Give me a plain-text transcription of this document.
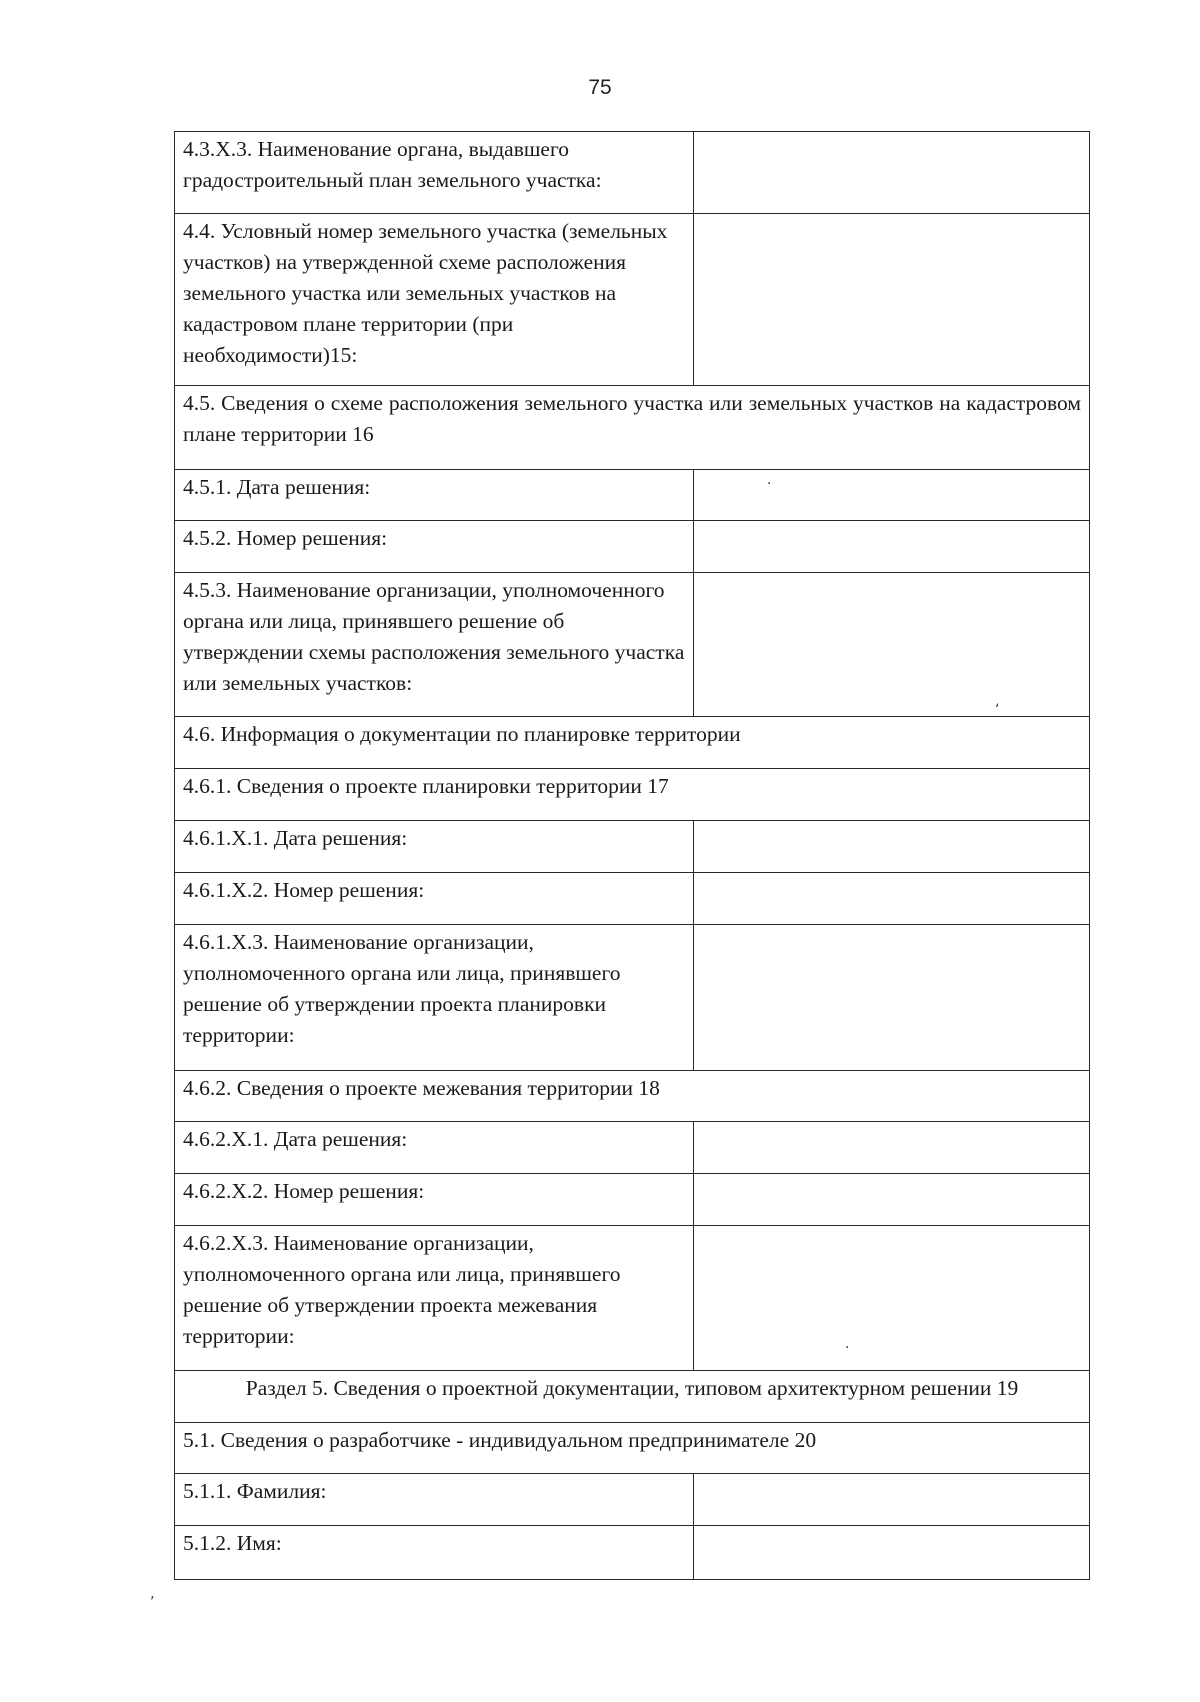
75
4.3.Х.3. Наименование органа, выдавшего градостроительный план земельного участка:	
4.4. Условный номер земельного участка (земельных участков) на утвержденной схеме расположения земельного участка или земельных участков на кадастровом плане территории (при необходимости)15:	
4.5. Сведения о схеме расположения земельного участка или земельных участков на кадастровом плане территории 16	
4.5.1. Дата решения:	
4.5.2. Номер решения:	
4.5.3. Наименование организации, уполномоченного органа или лица, принявшего решение об утверждении схемы расположения земельного участка или земельных участков:	
4.6. Информация о документации по планировке территории	
4.6.1. Сведения о проекте планировки территории 17	
4.6.1.Х.1. Дата решения:	
4.6.1.Х.2. Номер решения:	
4.6.1.Х.3. Наименование организации, уполномоченного органа или лица, принявшего решение об утверждении проекта планировки территории:	
4.6.2. Сведения о проекте межевания территории 18	
4.6.2.Х.1. Дата решения:	
4.6.2.Х.2. Номер решения:	
4.6.2.Х.3. Наименование организации, уполномоченного органа или лица, принявшего решение об утверждении проекта межевания территории:	
Раздел 5. Сведения о проектной документации, типовом архитектурном решении 19	
5.1. Сведения о разработчике - индивидуальном предпринимателе 20	
5.1.1. Фамилия:	
5.1.2. Имя:	
·
‘
·
‚
